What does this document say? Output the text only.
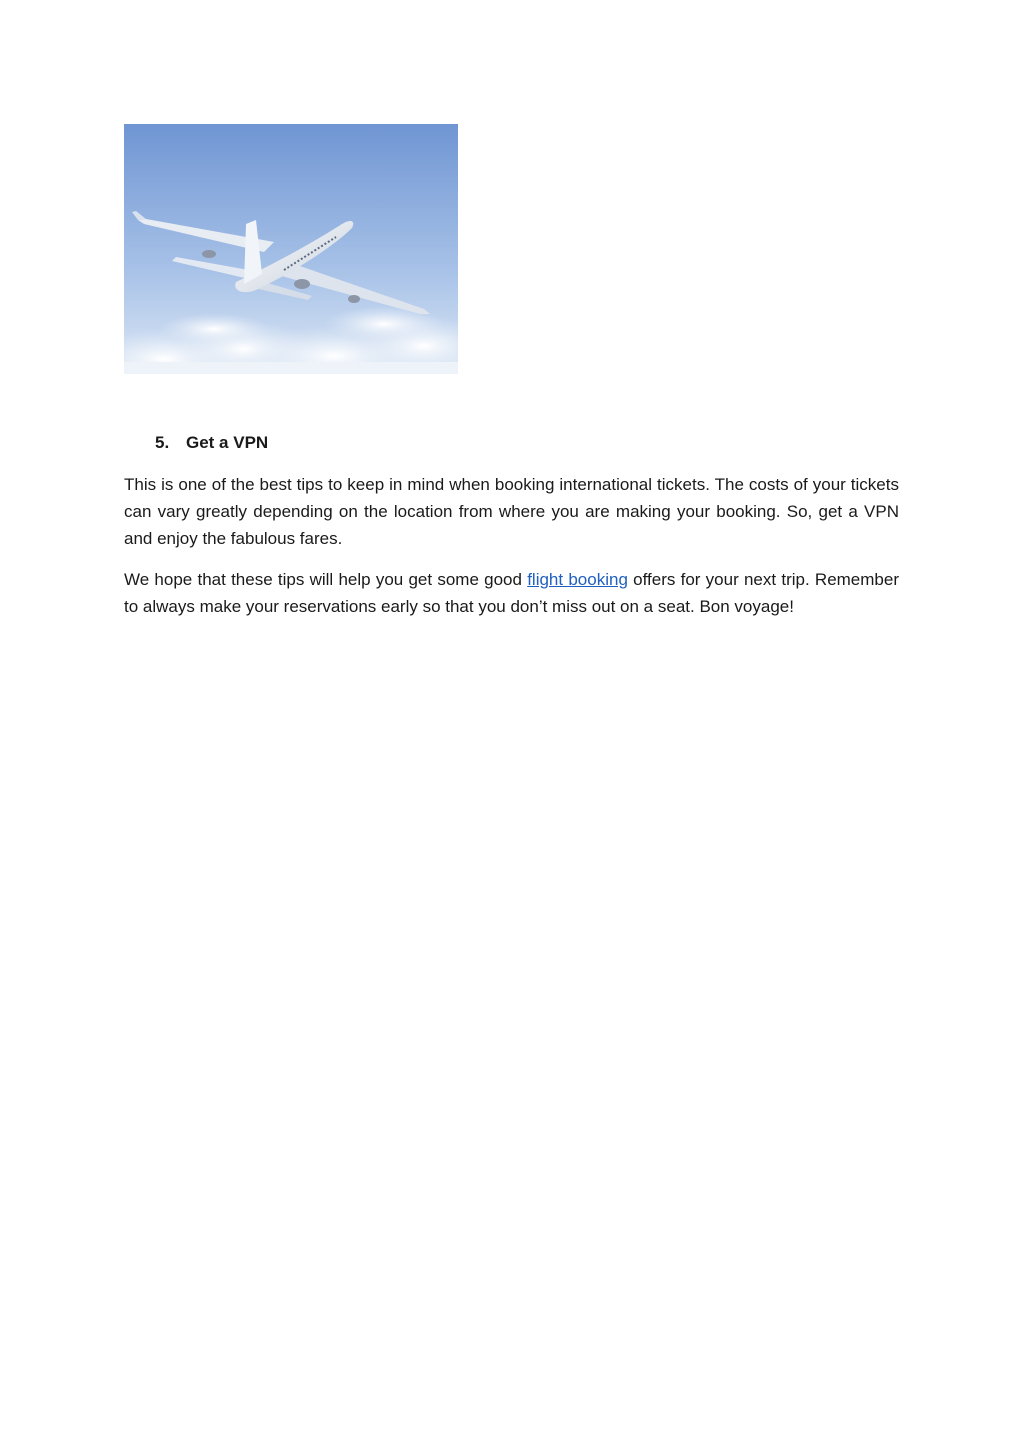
5. Get a VPN

This is one of the best tips to keep in mind when booking international tickets. The costs of your tickets can vary greatly depending on the location from where you are making your booking. So, get a VPN and enjoy the fabulous fares.

We hope that these tips will help you get some good flight booking offers for your next trip. Remember to always make your reservations early so that you don’t miss out on a seat. Bon voyage!
